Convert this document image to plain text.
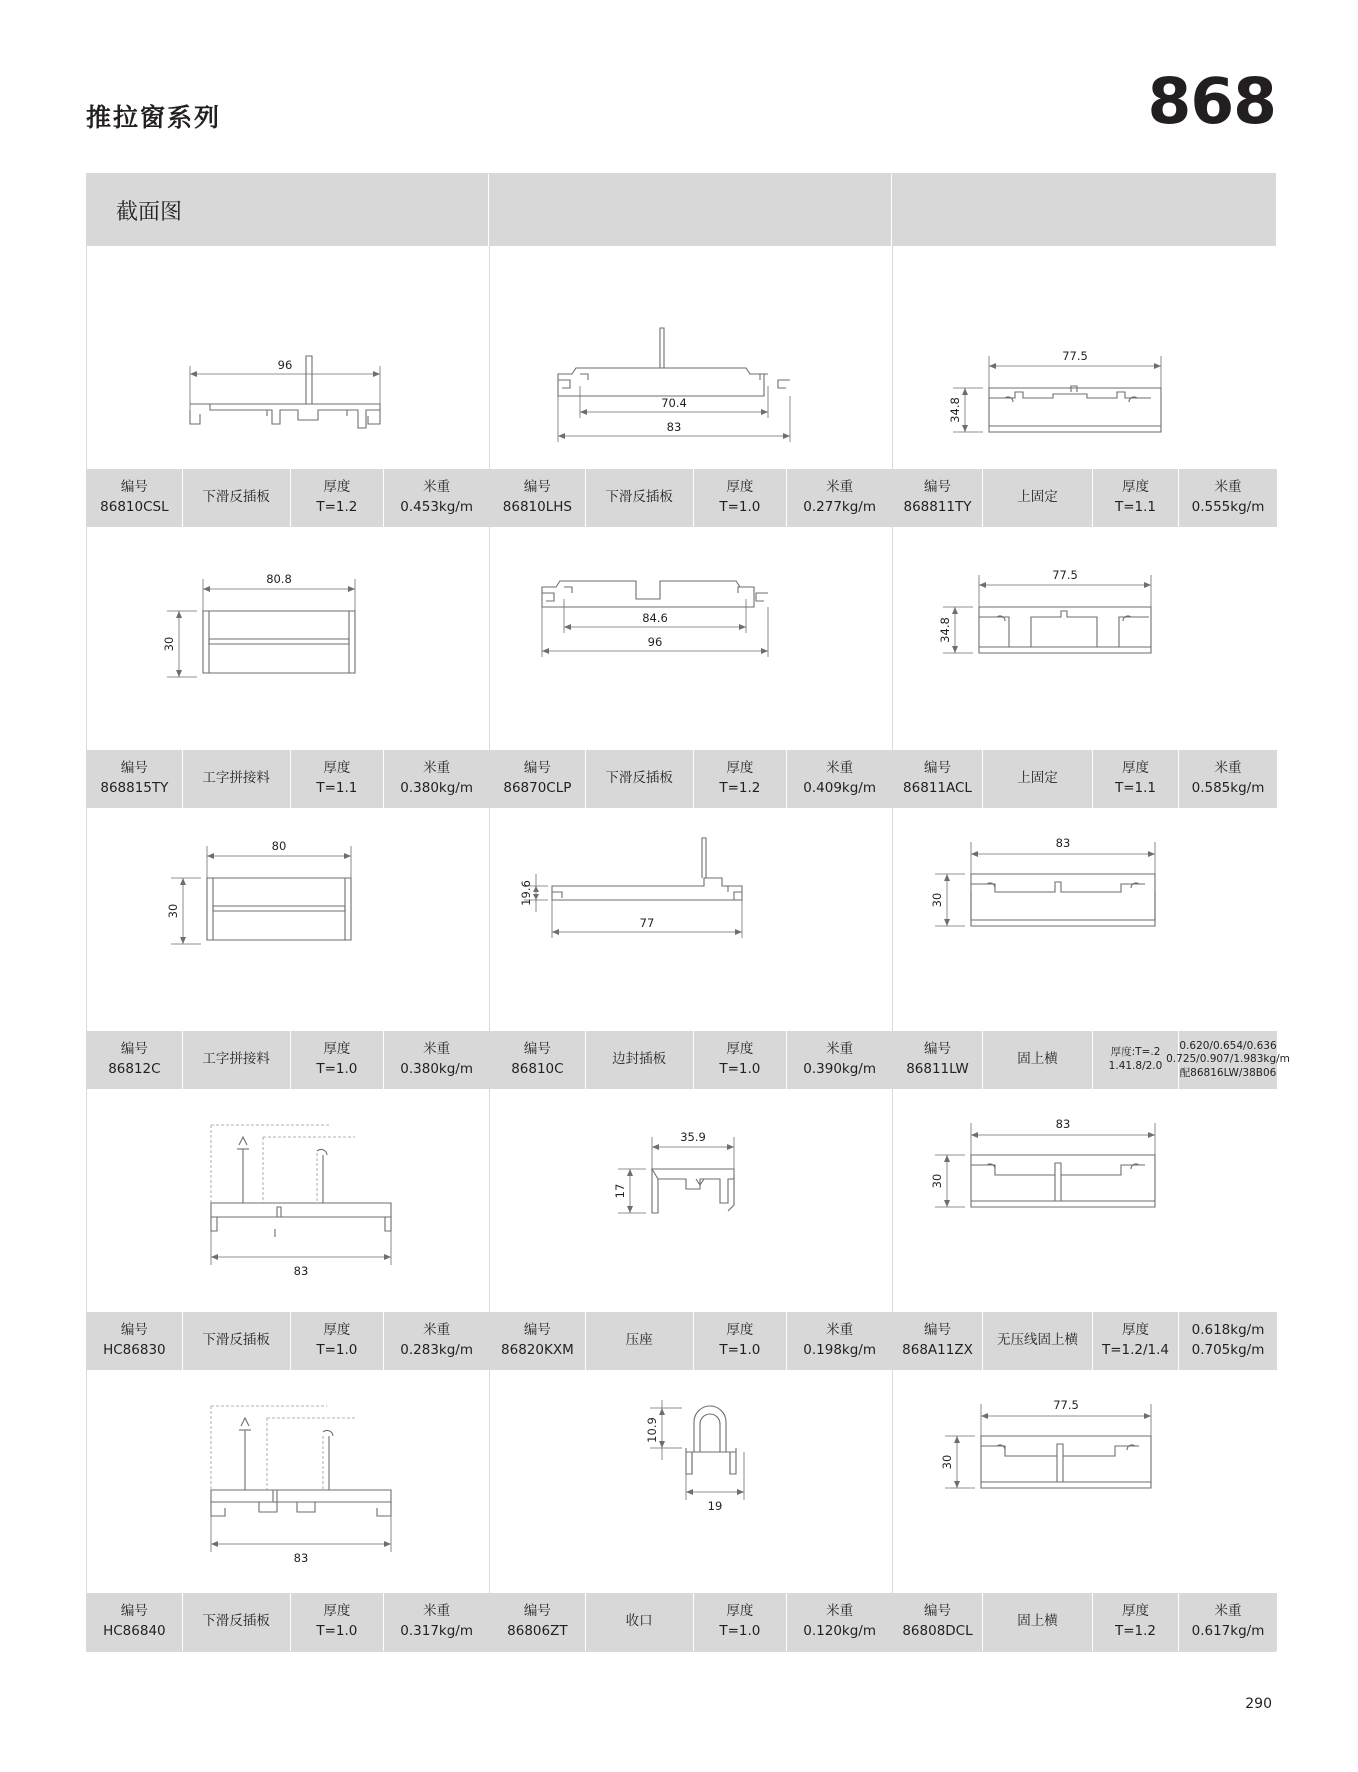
推拉窗系列	868
截面图
96
编号
86810CSL
下滑反插板
厚度
T=1.2
米重
0.453kg/m
70.4
83
编号
86810LHS
下滑反插板
厚度
T=1.0
米重
0.277kg/m
77.5
34.8
编号
868811TY
上固定
厚度
T=1.1
米重
0.555kg/m
80.8
30
编号
868815TY
工字拼接料
厚度
T=1.1
米重
0.380kg/m
84.6
96
编号
86870CLP
下滑反插板
厚度
T=1.2
米重
0.409kg/m
77.5
34.8
编号
86811ACL
上固定
厚度
T=1.1
米重
0.585kg/m
80
30
编号
86812C
工字拼接料
厚度
T=1.0
米重
0.380kg/m
19.6
77
编号
86810C
边封插板
厚度
T=1.0
米重
0.390kg/m
83
30
编号
86811LW
固上横	厚度:T=.2
1.41.8/2.0
0.620/0.654/0.636
0.725/0.907/1.983kg/m
配86816LW/38B06
83
编号
HC86830
下滑反插板
厚度
T=1.0
米重
0.283kg/m
35.9
17
编号
86820KXM
压座
厚度
T=1.0
米重
0.198kg/m
83
30
编号
868A11ZX
无压线固上横
厚度
T=1.2/1.4
0.618kg/m
0.705kg/m
83
编号
HC86840
下滑反插板
厚度
T=1.0
米重
0.317kg/m
10.9
19
编号
86806ZT
收口
厚度
T=1.0
米重
0.120kg/m
77.5
30
编号
86808DCL
固上横
厚度
T=1.2
米重
0.617kg/m
290
